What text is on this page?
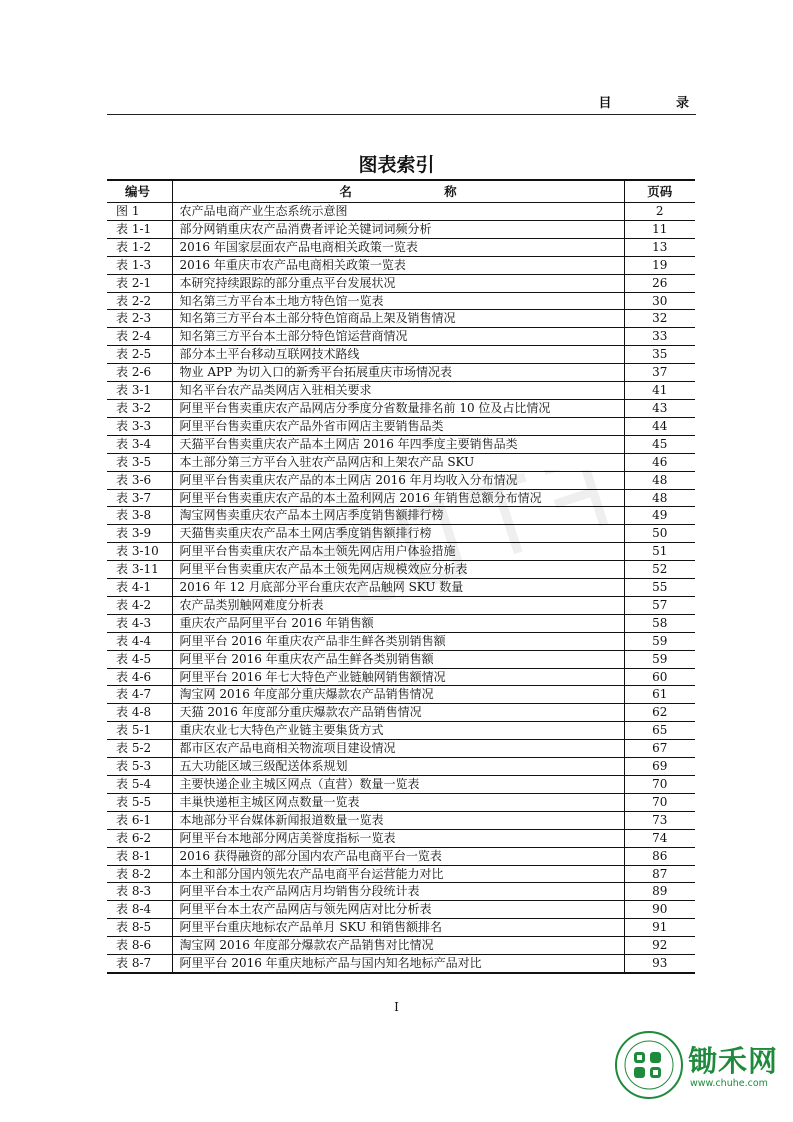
目 录
图表索引
编号	名 称	页码
图 1	农产品电商产业生态系统示意图	2
表 1-1	部分网销重庆农产品消费者评论关键词词频分析	11
表 1-2	2016 年国家层面农产品电商相关政策一览表	13
表 1-3	2016 年重庆市农产品电商相关政策一览表	19
表 2-1	本研究持续跟踪的部分重点平台发展状况	26
表 2-2	知名第三方平台本土地方特色馆一览表	30
表 2-3	知名第三方平台本土部分特色馆商品上架及销售情况	32
表 2-4	知名第三方平台本土部分特色馆运营商情况	33
表 2-5	部分本土平台移动互联网技术路线	35
表 2-6	物业 APP 为切入口的新秀平台拓展重庆市场情况表	37
表 3-1	知名平台农产品类网店入驻相关要求	41
表 3-2	阿里平台售卖重庆农产品网店分季度分省数量排名前 10 位及占比情况	43
表 3-3	阿里平台售卖重庆农产品外省市网店主要销售品类	44
表 3-4	天猫平台售卖重庆农产品本土网店 2016 年四季度主要销售品类	45
表 3-5	本土部分第三方平台入驻农产品网店和上架农产品 SKU	46
表 3-6	阿里平台售卖重庆农产品的本土网店 2016 年月均收入分布情况	48
表 3-7	阿里平台售卖重庆农产品的本土盈利网店 2016 年销售总额分布情况	48
表 3-8	淘宝网售卖重庆农产品本土网店季度销售额排行榜	49
表 3-9	天猫售卖重庆农产品本土网店季度销售额排行榜	50
表 3-10	阿里平台售卖重庆农产品本土领先网店用户体验措施	51
表 3-11	阿里平台售卖重庆农产品本土领先网店规模效应分析表	52
表 4-1	2016 年 12 月底部分平台重庆农产品触网 SKU 数量	55
表 4-2	农产品类别触网难度分析表	57
表 4-3	重庆农产品阿里平台 2016 年销售额	58
表 4-4	阿里平台 2016 年重庆农产品非生鲜各类别销售额	59
表 4-5	阿里平台 2016 年重庆农产品生鲜各类别销售额	59
表 4-6	阿里平台 2016 年七大特色产业链触网销售额情况	60
表 4-7	淘宝网 2016 年度部分重庆爆款农产品销售情况	61
表 4-8	天猫 2016 年度部分重庆爆款农产品销售情况	62
表 5-1	重庆农业七大特色产业链主要集货方式	65
表 5-2	都市区农产品电商相关物流项目建设情况	67
表 5-3	五大功能区域三级配送体系规划	69
表 5-4	主要快递企业主城区网点（直营）数量一览表	70
表 5-5	丰巢快递柜主城区网点数量一览表	70
表 6-1	本地部分平台媒体新闻报道数量一览表	73
表 6-2	阿里平台本地部分网店美誉度指标一览表	74
表 8-1	2016 获得融资的部分国内农产品电商平台一览表	86
表 8-2	本土和部分国内领先农产品电商平台运营能力对比	87
表 8-3	阿里平台本土农产品网店月均销售分段统计表	89
表 8-4	阿里平台本土农产品网店与领先网店对比分析表	90
表 8-5	阿里平台重庆地标农产品单月 SKU 和销售额排名	91
表 8-6	淘宝网 2016 年度部分爆款农产品销售对比情况	92
表 8-7	阿里平台 2016 年重庆地标产品与国内知名地标产品对比	93
I
锄禾网
www.chuhe.com
